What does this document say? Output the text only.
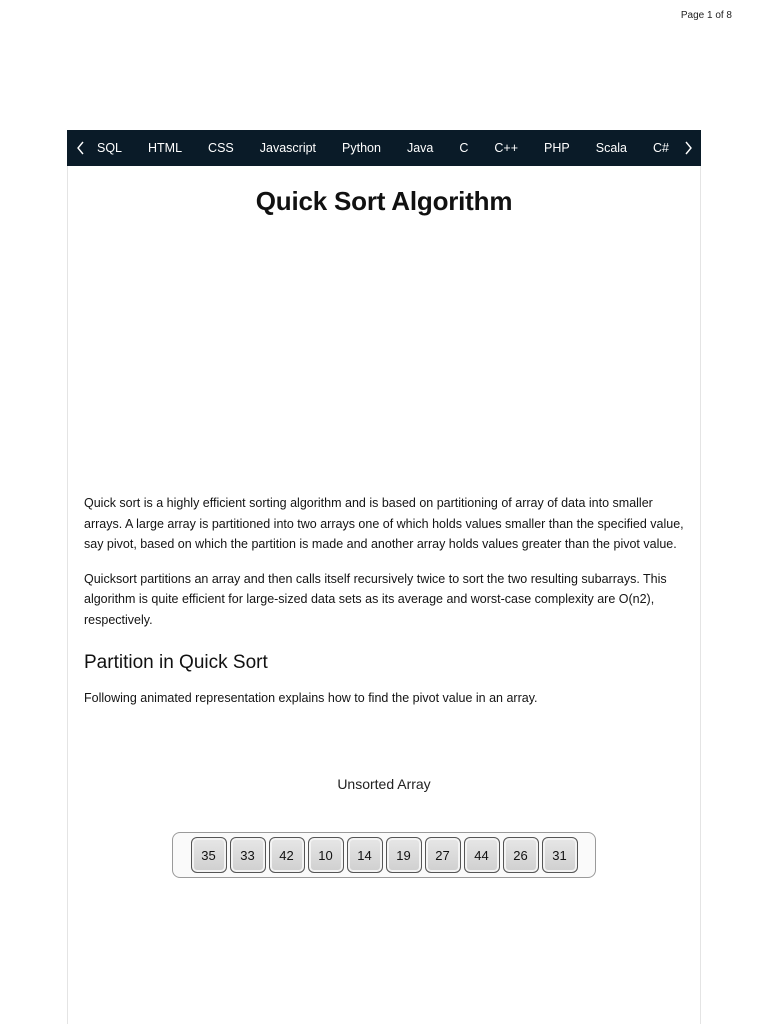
Page 1 of 8
SQL HTML CSS Javascript Python Java C C++ PHP Scala C#
Quick Sort Algorithm

Quick sort is a highly efficient sorting algorithm and is based on partitioning of array of data into smaller arrays. A large array is partitioned into two arrays one of which holds values smaller than the specified value, say pivot, based on which the partition is made and another array holds values greater than the pivot value.

Quicksort partitions an array and then calls itself recursively twice to sort the two resulting subarrays. This algorithm is quite efficient for large-sized data sets as its average and worst-case complexity are O(n2), respectively.

Partition in Quick Sort

Following animated representation explains how to find the pivot value in an array.

Unsorted Array
35	33	42	10	14	19	27	44	26	31
